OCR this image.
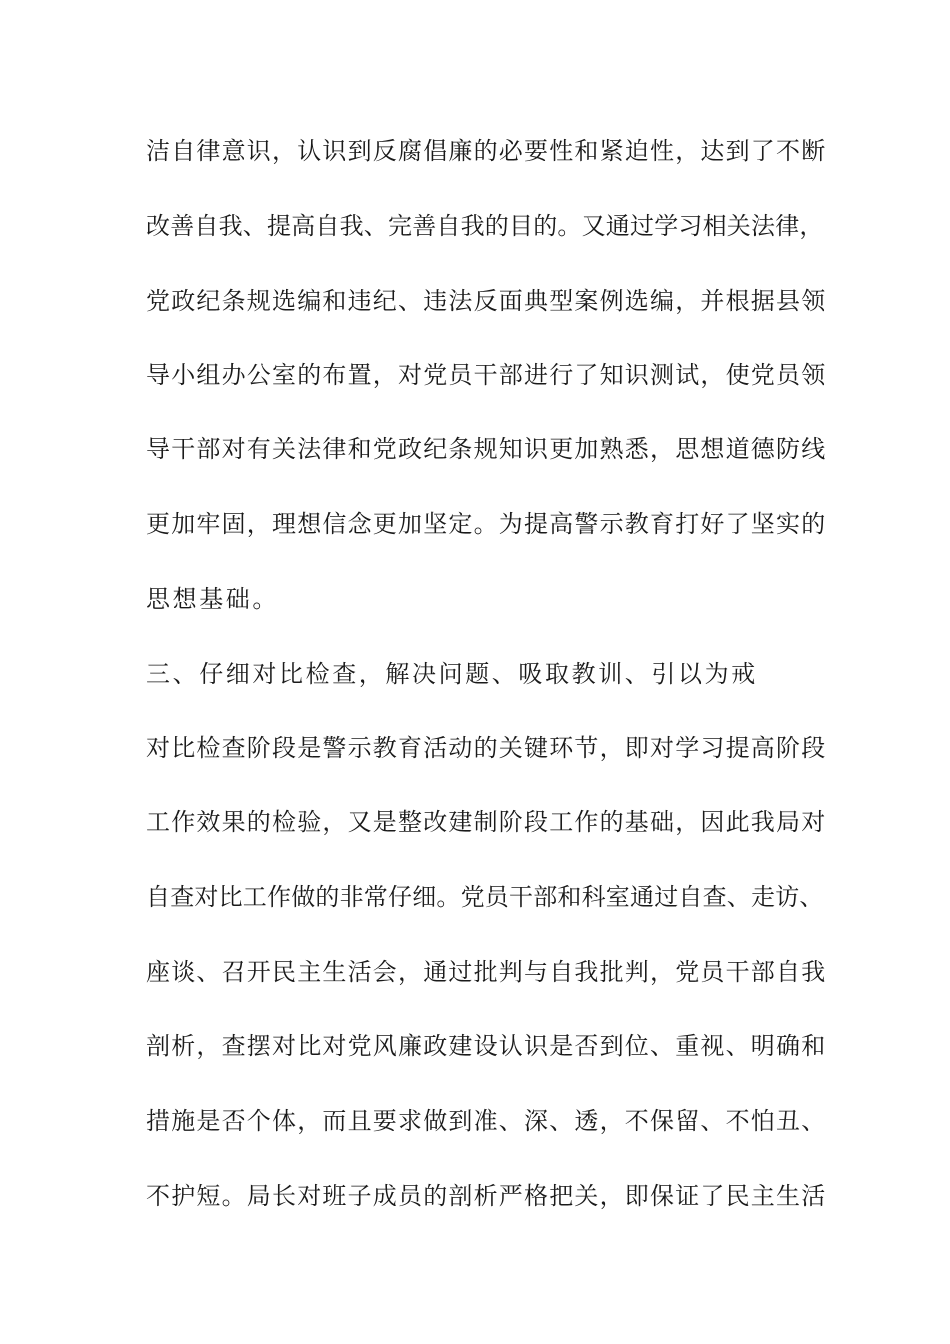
洁自律意识，认识到反腐倡廉的必要性和紧迫性，达到了不断
改善自我、提高自我、完善自我的目的。又通过学习相关法律，
党政纪条规选编和违纪、违法反面典型案例选编，并根据县领
导小组办公室的布置，对党员干部进行了知识测试，使党员领
导干部对有关法律和党政纪条规知识更加熟悉，思想道德防线
更加牢固，理想信念更加坚定。为提高警示教育打好了坚实的
思想基础。
三、仔细对比检查，解决问题、吸取教训、引以为戒
对比检查阶段是警示教育活动的关键环节，即对学习提高阶段
工作效果的检验，又是整改建制阶段工作的基础，因此我局对
自查对比工作做的非常仔细。党员干部和科室通过自查、走访、
座谈、召开民主生活会，通过批判与自我批判，党员干部自我
剖析，查摆对比对党风廉政建设认识是否到位、重视、明确和
措施是否个体，而且要求做到准、深、透，不保留、不怕丑、
不护短。局长对班子成员的剖析严格把关，即保证了民主生活
